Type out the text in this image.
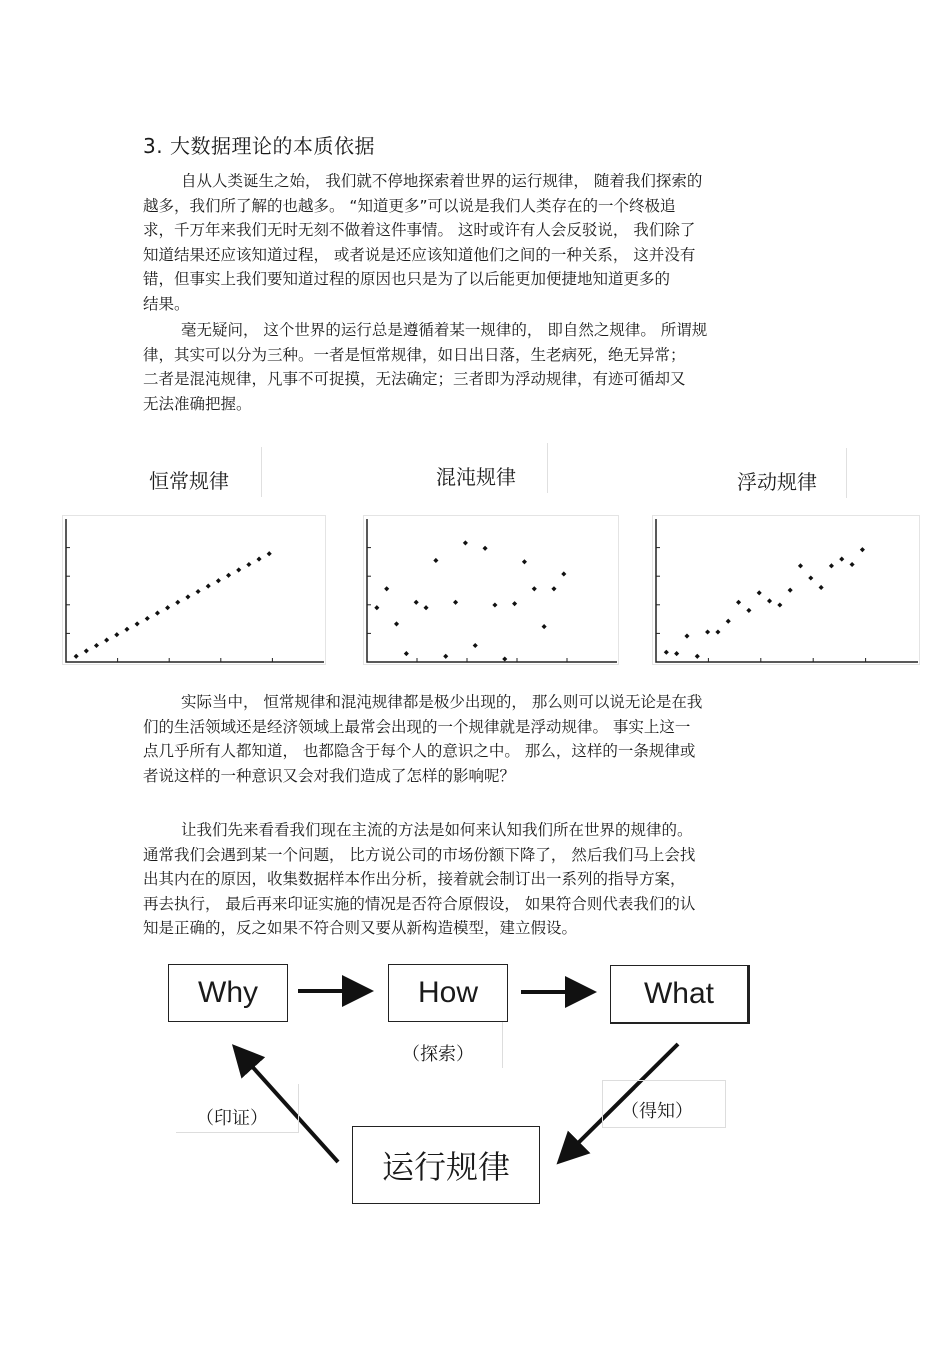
3. 大数据理论的本质依据

自从人类诞生之始， 我们就不停地探索着世界的运行规律， 随着我们探索的
越多，我们所了解的也越多。 “知道更多”可以说是我们人类存在的一个终极追
求，千万年来我们无时无刻不做着这件事情。 这时或许有人会反驳说， 我们除了
知道结果还应该知道过程， 或者说是还应该知道他们之间的一种关系， 这并没有
错，但事实上我们要知道过程的原因也只是为了以后能更加便捷地知道更多的
结果。

毫无疑问， 这个世界的运行总是遵循着某一规律的， 即自然之规律。 所谓规
律，其实可以分为三种。一者是恒常规律，如日出日落，生老病死，绝无异常；
二者是混沌规律，凡事不可捉摸，无法确定；三者即为浮动规律，有迹可循却又
无法准确把握。

恒常规律	混沌规律	浮动规律

实际当中， 恒常规律和混沌规律都是极少出现的， 那么则可以说无论是在我
们的生活领域还是经济领域上最常会出现的一个规律就是浮动规律。 事实上这一
点几乎所有人都知道， 也都隐含于每个人的意识之中。 那么，这样的一条规律或
者说这样的一种意识又会对我们造成了怎样的影响呢？

让我们先来看看我们现在主流的方法是如何来认知我们所在世界的规律的。
通常我们会遇到某一个问题， 比方说公司的市场份额下降了， 然后我们马上会找
出其内在的原因，收集数据样本作出分析，接着就会制订出一系列的指导方案，
再去执行， 最后再来印证实施的情况是否符合原假设， 如果符合则代表我们的认
知是正确的，反之如果不符合则又要从新构造模型，建立假设。

（印证）
（探索）
（得知）
Why	How	What
运行规律
